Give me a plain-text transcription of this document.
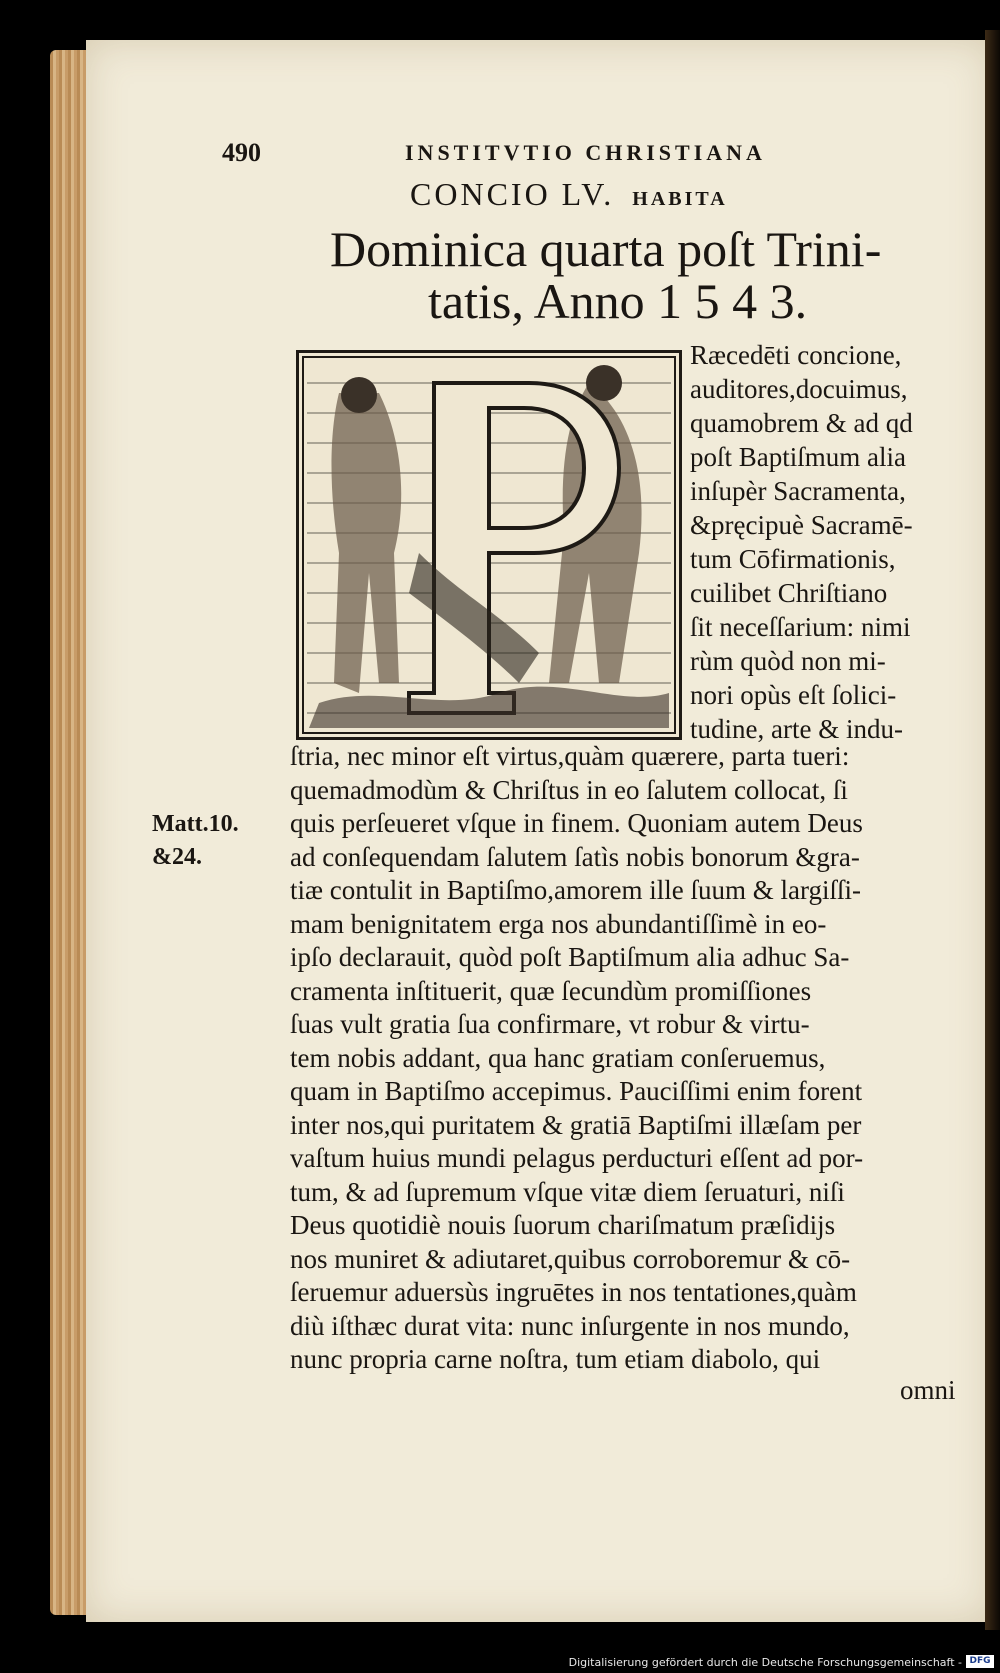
490	INSTITVTIO CHRISTIANA
CONCIO LV. HABITA
Dominica quarta poſt Trini-
tatis, Anno 1 5 4 3.
Ræcedēti concione,
auditores,docuimus,
quamobrem & ad qd
poſt Baptiſmum alia
inſupèr Sacramenta,
&pręcipuè Sacramē-
tum Cōfirmationis,
cuilibet Chriſtiano
ſit neceſſarium: nimi
rùm quòd non mi-
nori opùs eſt ſolici-
tudine, arte & indu-
Matt.10.
&24.
ſtria, nec minor eſt virtus,quàm quærere, parta tueri:
quemadmodùm & Chriſtus in eo ſalutem collocat, ſi
quis perſeueret vſque in finem. Quoniam autem Deus
ad conſequendam ſalutem ſatìs nobis bonorum &gra-
tiæ contulit in Baptiſmo,amorem ille ſuum & largiſſi-
mam benignitatem erga nos abundantiſſimè in eo-
ipſo declarauit, quòd poſt Baptiſmum alia adhuc Sa-
cramenta inſtituerit, quæ ſecundùm promiſſiones
ſuas vult gratia ſua confirmare, vt robur & virtu-
tem nobis addant, qua hanc gratiam conſeruemus,
quam in Baptiſmo accepimus. Pauciſſimi enim forent
inter nos,qui puritatem & gratiā Baptiſmi illæſam per
vaſtum huius mundi pelagus perducturi eſſent ad por-
tum, & ad ſupremum vſque vitæ diem ſeruaturi, niſi
Deus quotidiè nouis ſuorum chariſmatum præſidijs
nos muniret & adiutaret,quibus corroboremur & cō-
ſeruemur aduersùs ingruētes in nos tentationes,quàm
diù iſthæc durat vita: nunc inſurgente in nos mundo,
nunc propria carne noſtra, tum etiam diabolo, qui
omni
Digitalisierung gefördert durch die Deutsche Forschungsgemeinschaft - DFG
